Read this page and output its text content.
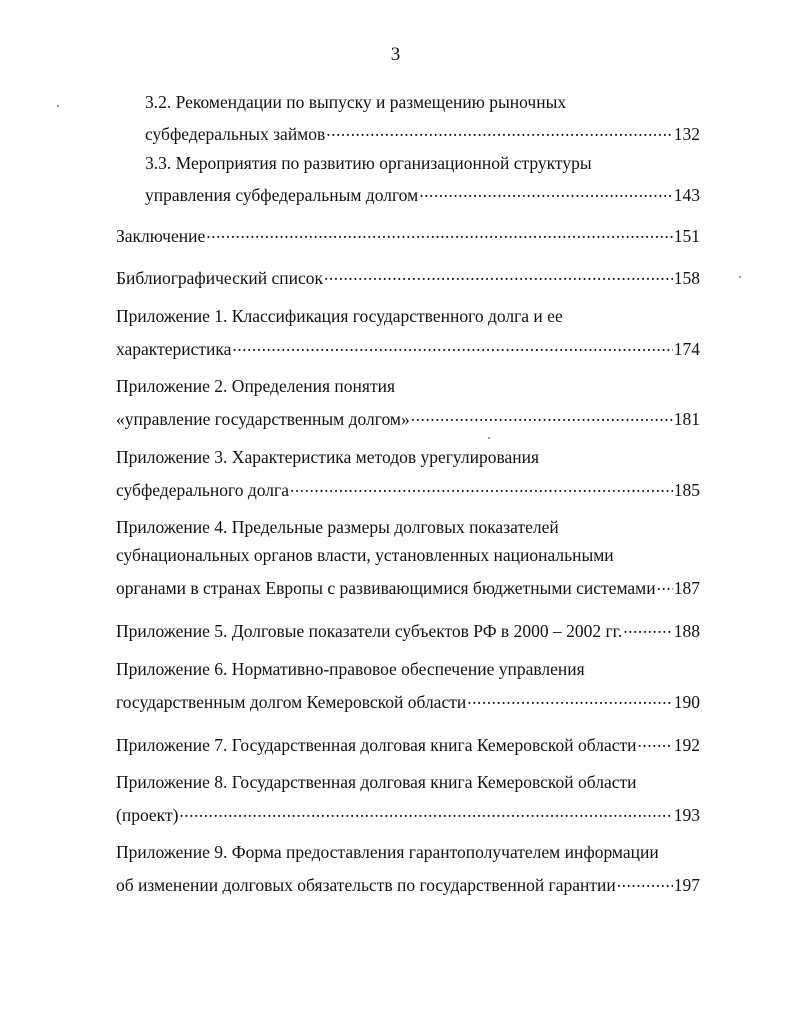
3
3.2. Рекомендации по выпуску и размещению рыночных
субфедеральных займов .....	132
3.3. Мероприятия по развитию организационной структуры
управления субфедеральным долгом .....	143
Заключение .....	151
Библиографический список .....	158
Приложение 1. Классификация государственного долга и ее
характеристика .....	174
Приложение 2. Определения понятия
«управление государственным долгом» .....	181
Приложение 3. Характеристика методов урегулирования
субфедерального долга .....	185
Приложение 4. Предельные размеры долговых показателей
субнациональных органов власти, установленных национальными
органами в странах Европы с развивающимися бюджетными системами ..... 187
Приложение 5. Долговые показатели субъектов РФ в 2000 – 2002 гг. .....	188
Приложение 6. Нормативно-правовое обеспечение управления
государственным долгом Кемеровской области .....	190
Приложение 7. Государственная долговая книга Кемеровской области ..... 192
Приложение 8. Государственная долговая книга Кемеровской области
(проект) .....	193
Приложение 9. Форма предоставления гарантополучателем информации
об изменении долговых обязательств по государственной гарантии .....	197
